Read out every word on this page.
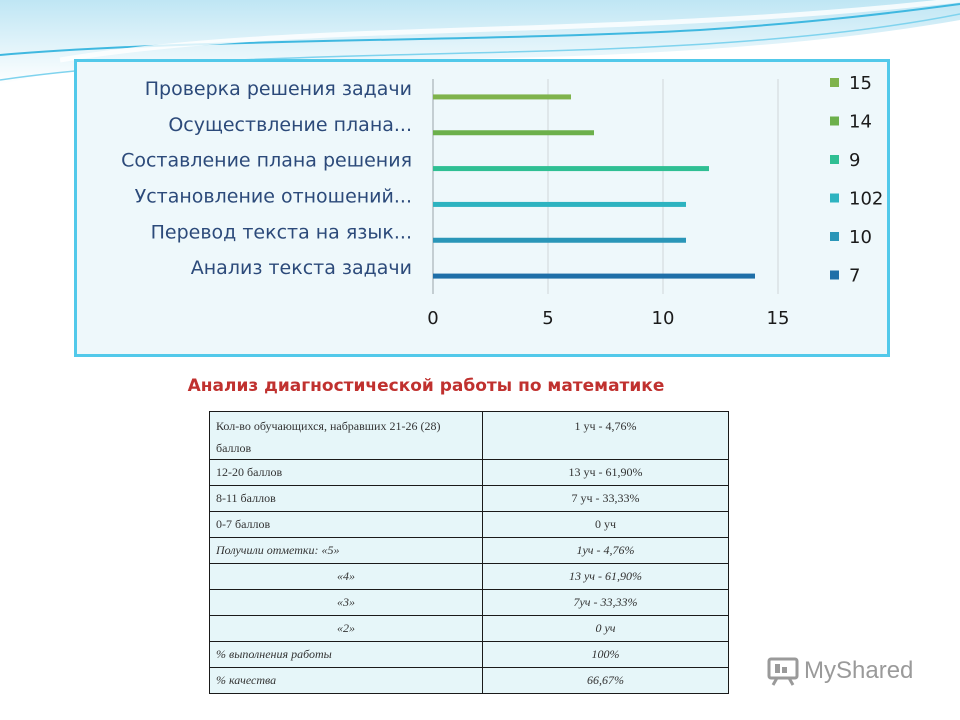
Анализ текста задачи
Перевод текста на язык...
Установление отношений...
Составление плана решения
Осуществление плана...
Проверка решения задачи
0	5	10	15
15
14
9
102
10
7
Анализ диагностической работы по математике
Кол-во обучающихся, набравших 21-26 (28) баллов	1 уч - 4,76%
12-20 баллов	13 уч - 61,90%
8-11 баллов	7 уч - 33,33%
0-7 баллов	0 уч
Получили отметки: «5»	1уч - 4,76%
«4»	13 уч - 61,90%
«3»	7уч - 33,33%
«2»	0 уч
% выполнения работы	100%
% качества	66,67%	MyShared
